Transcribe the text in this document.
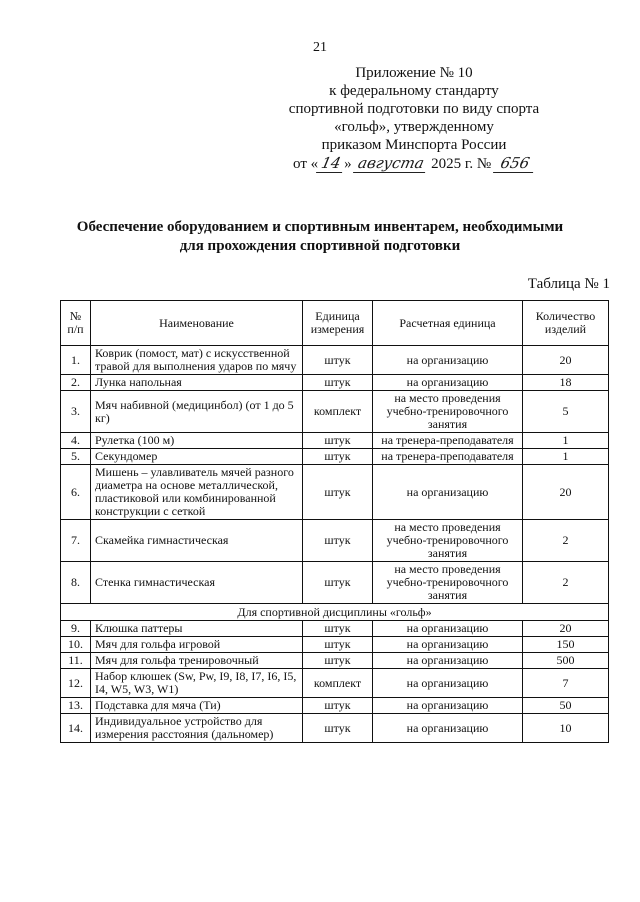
21
Приложение № 10
к федеральному стандарту
спортивной подготовки по виду спорта
«гольф», утвержденному
приказом Минспорта России
от « 14» августа 2025 г. № 656
Обеспечение оборудованием и спортивным инвентарем, необходимыми
для прохождения спортивной подготовки
Таблица № 1
№ п/п	Наименование	Единица измерения	Расчетная единица	Количество изделий
1.	Коврик (помост, мат) с искусственной травой для выполнения ударов по мячу	штук	на организацию	20
2.	Лунка напольная	штук	на организацию	18
3.	Мяч набивной (медицинбол) (от 1 до 5 кг)	комплект	на место проведения учебно-тренировочного занятия	5
4.	Рулетка (100 м)	штук	на тренера-преподавателя	1
5.	Секундомер	штук	на тренера-преподавателя	1
6.	Мишень – улавливатель мячей разного диаметра на основе металлической, пластиковой или комбинированной конструкции с сеткой	штук	на организацию	20
7.	Скамейка гимнастическая	штук	на место проведения учебно-тренировочного занятия	2
8.	Стенка гимнастическая	штук	на место проведения учебно-тренировочного занятия	2
Для спортивной дисциплины «гольф»				
9.	Клюшка паттеры	штук	на организацию	20
10.	Мяч для гольфа игровой	штук	на организацию	150
11.	Мяч для гольфа тренировочный	штук	на организацию	500
12.	Набор клюшек (Sw, Pw, I9, I8, I7, I6, I5, I4, W5, W3, W1)	комплект	на организацию	7
13.	Подставка для мяча (Ти)	штук	на организацию	50
14.	Индивидуальное устройство для измерения расстояния (дальномер)	штук	на организацию	10
